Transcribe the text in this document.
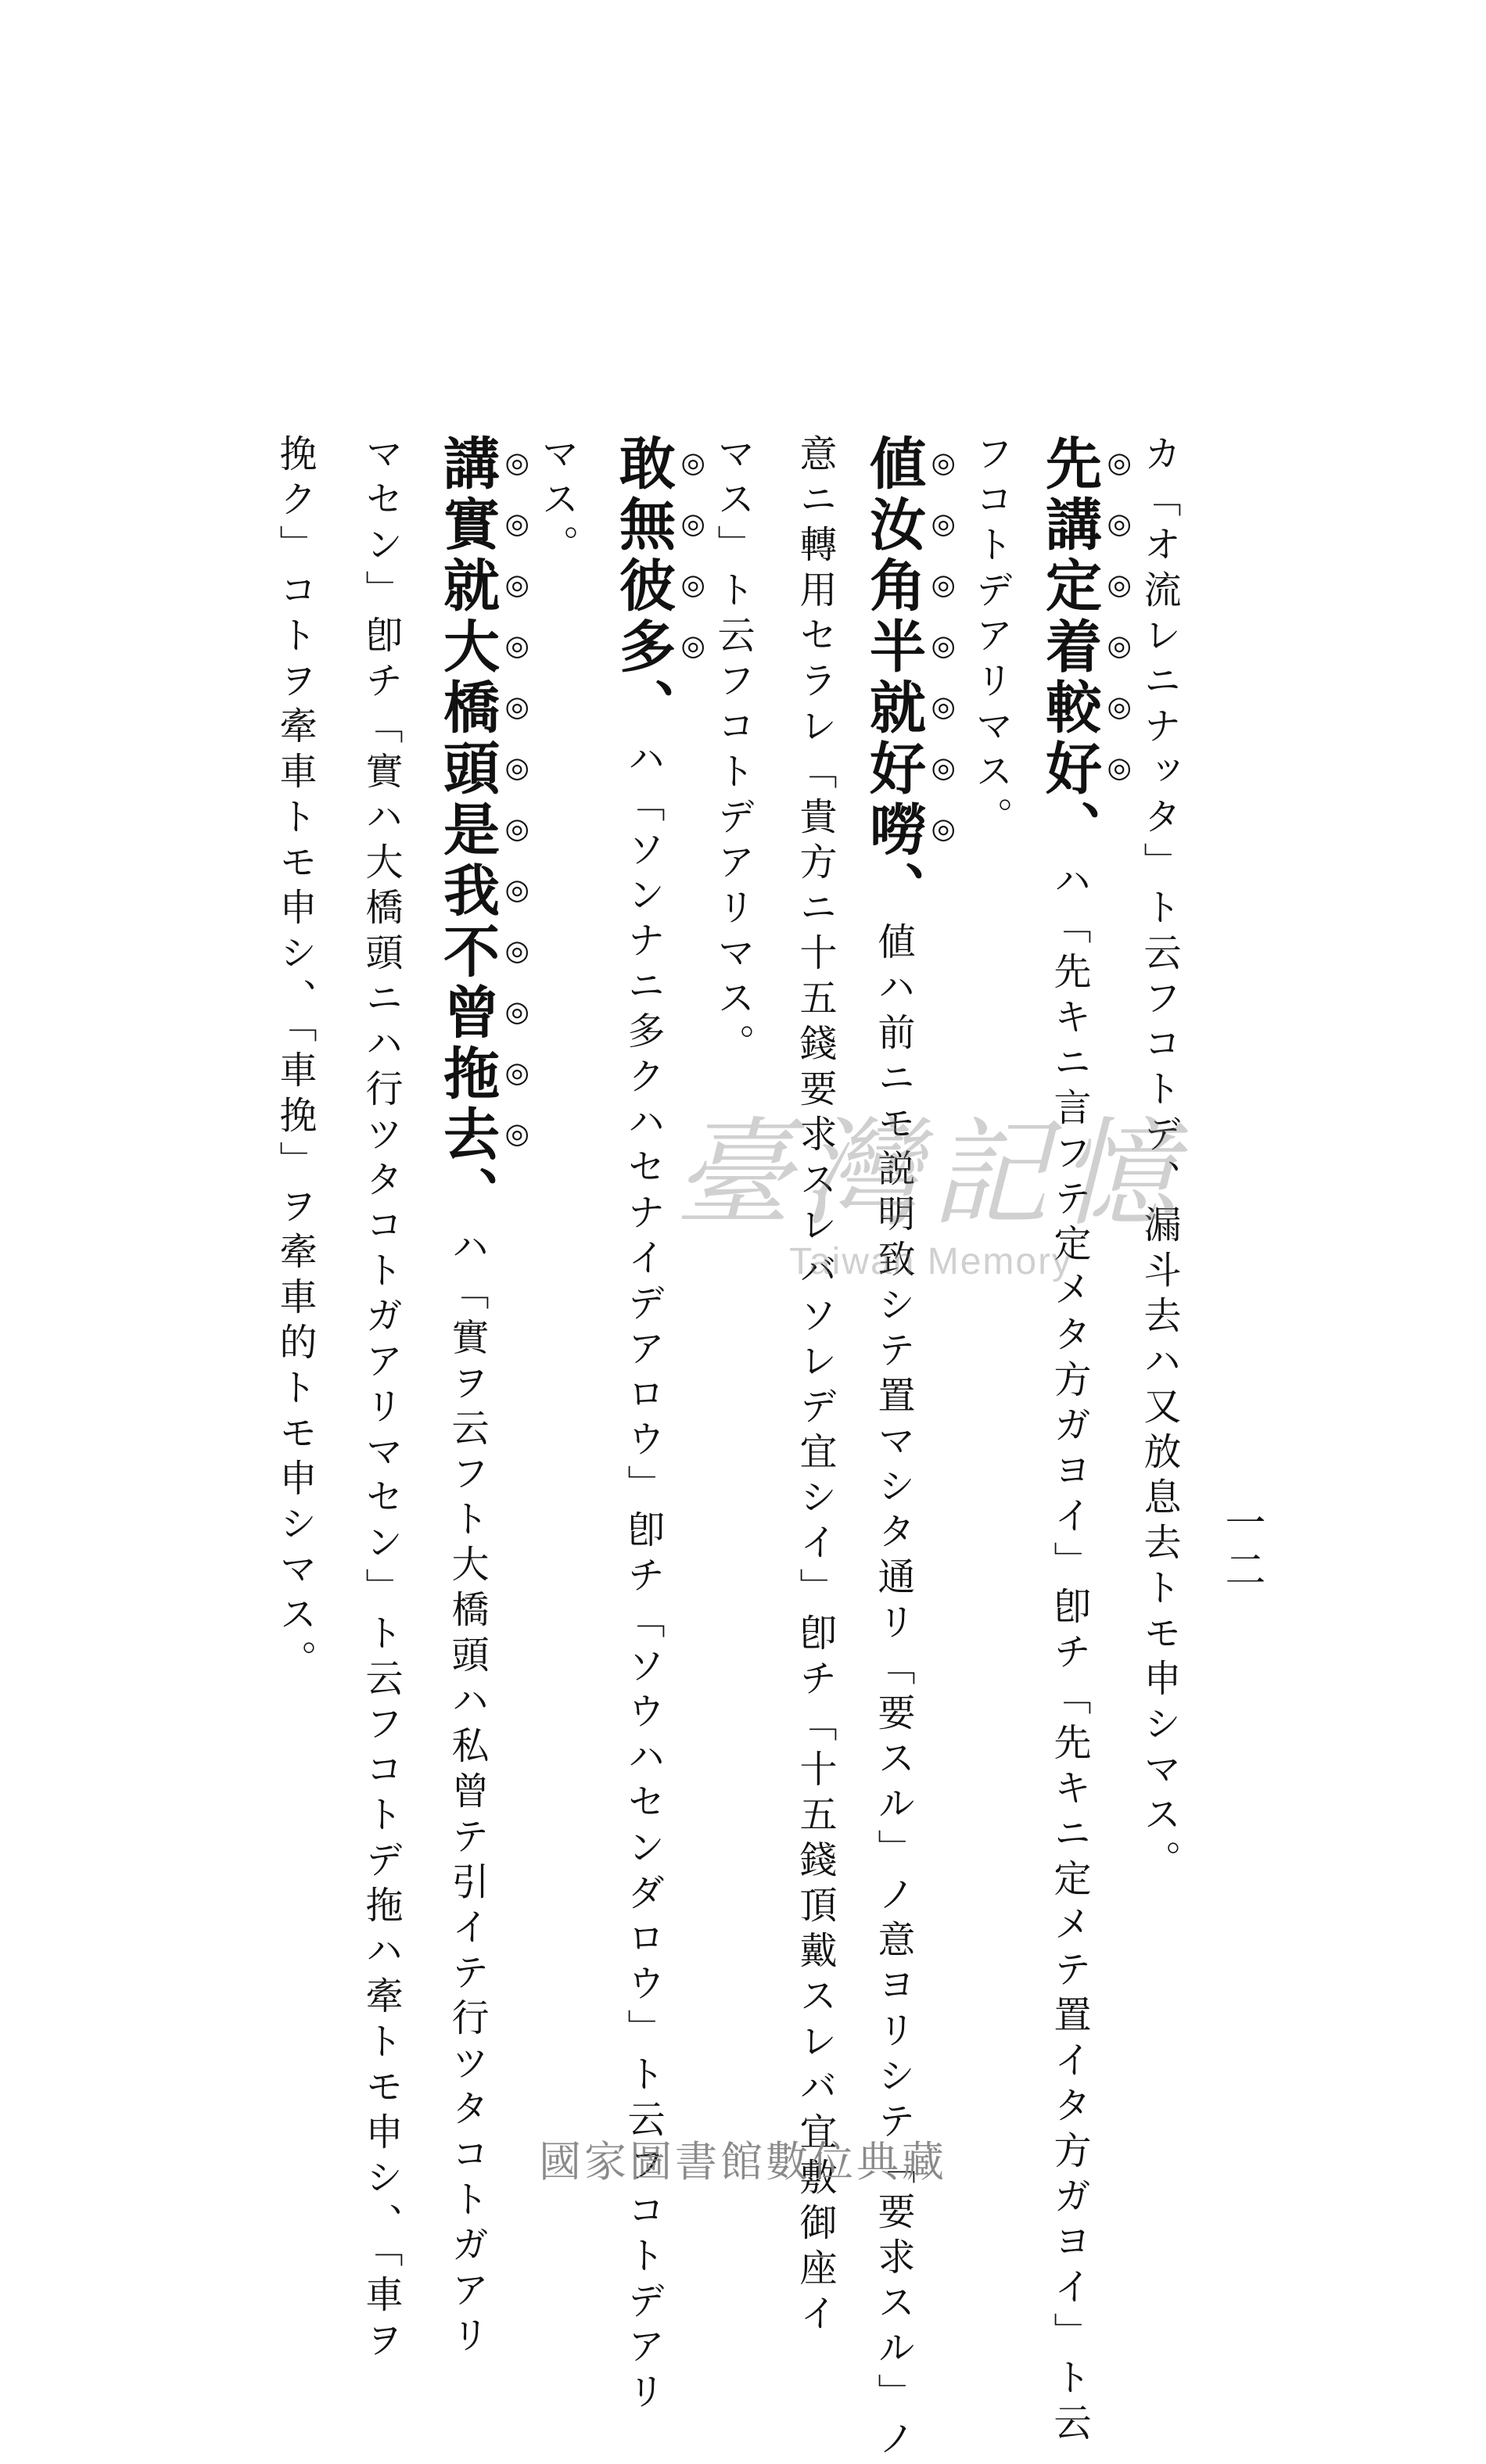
一二
カ「オ流レニナッタ」ト云フコトデ、漏斗去ハ又放息去トモ申シマス。
先講定着較好、ハ「先キニ言フテ定メタ方ガヨイ」卽チ「先キニ定メテ置イタ方ガヨイ」ト云
フコトデアリマス。
値汝角半就好嘮、値ハ前ニモ説明致シテ置マシタ通リ「要スル」ノ意ヨリシテ「要求スル」ノ
意ニ轉用セラレ「貴方ニ十五錢要求スレバソレデ宜シイ」卽チ「十五錢頂戴スレバ宜敷御座イ
マス」ト云フコトデアリマス。
敢無彼多、ハ「ソンナニ多クハセナイデアロウ」卽チ「ソウハセンダロウ」ト云フコトデアリ
マス。
講實就大橋頭是我不曾拖去、ハ「實ヲ云フト大橋頭ハ私曾テ引イテ行ツタコトガアリ
マセン」卽チ「實ハ大橋頭ニハ行ツタコトガアリマセン」ト云フコトデ拖ハ牽トモ申シ、「車ヲ
挽ク」コトヲ牽車トモ申シ、「車挽」ヲ牽車的トモ申シマス。	臺灣記憶
Taiwan Memory
國家圖書館數位典藏
